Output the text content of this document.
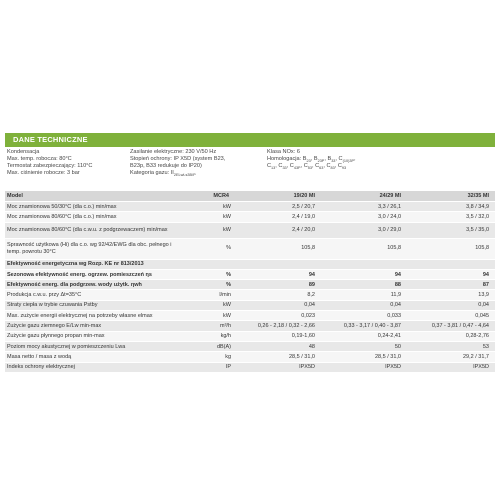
DANE TECHNICZNE
Kondensacja
Max. temp. robocza: 80°C
Termostat zabezpieczający: 110°C
Max. ciśnienie robocze: 3 bar
Zasilanie elektryczne: 230 V/50 Hz
Stopień ochrony: IP X5D (system B23,
B23p, B33 redukuje do IP20)
Kategoria gazu: $II_{2ELwLs3B/P}$
Klasa NOx: 6
Homologacja: $B_{23}$, $B_{23P}$, $B_{33}$, $C_{(10)3P}$,
$C_{13}$, $C_{33}$, $C_{43P}$, $C_{53}$, $C_{63}$, $C_{83}$, $C_{93}$
Model	MCR4	19/20 MI	24/29 MI	32/35 MI
Moc znamionowa 50/30°C (dla c.o.) min/max	kW	2,5 / 20,7	3,3 / 26,1	3,8 / 34,9
Moc znamionowa 80/60°C (dla c.o.) min/max	kW	2,4 / 19,0	3,0 / 24,0	3,5 / 32,0
Moc znamionowa 80/60°C (dla c.w.u. z podgrzewaczem) min/max	kW	2,4 / 20,0	3,0 / 29,0	3,5 / 35,0
Sprawność użytkowa (Hi) dla c.o. wg 92/42/EWG dla obc. pełnego i temp. powrotu 30°C	%	105,8	105,8	105,8
Efektywność energetyczna wg Rozp. KE nr 813/2013				
Sezonowa efektywność energ. ogrzew. pomieszczeń ηs	%	94	94	94
Efektywność energ. dla podgrzew. wody użytk. ηwh	%	89	88	87
Produkcja c.w.u. przy Δt=35°C	l/min	8,2	11,9	13,9
Straty ciepła w trybie czuwania Pstby	kW	0,04	0,04	0,04
Max. zużycie energii elektrycznej na potrzeby własne elmax	kW	0,023	0,033	0,045
Zużycie gazu ziemnego E/Lw min-max	m³/h	0,26 - 2,18 / 0,32 - 2,66	0,33 - 3,17 / 0,40 - 3,87	0,37 - 3,81 / 0,47 - 4,64
Zużycie gazu płynnego propan min-max	kg/h	0,19-1,60	0,24-2,41	0,28-2,76
Poziom mocy akustycznej w pomieszczeniu Lwa	dB(A)	48	50	53
Masa netto / masa z wodą	kg	28,5 / 31,0	28,5 / 31,0	29,2 / 31,7
Indeks ochrony elektrycznej	IP	IPX5D	IPX5D	IPX5D
